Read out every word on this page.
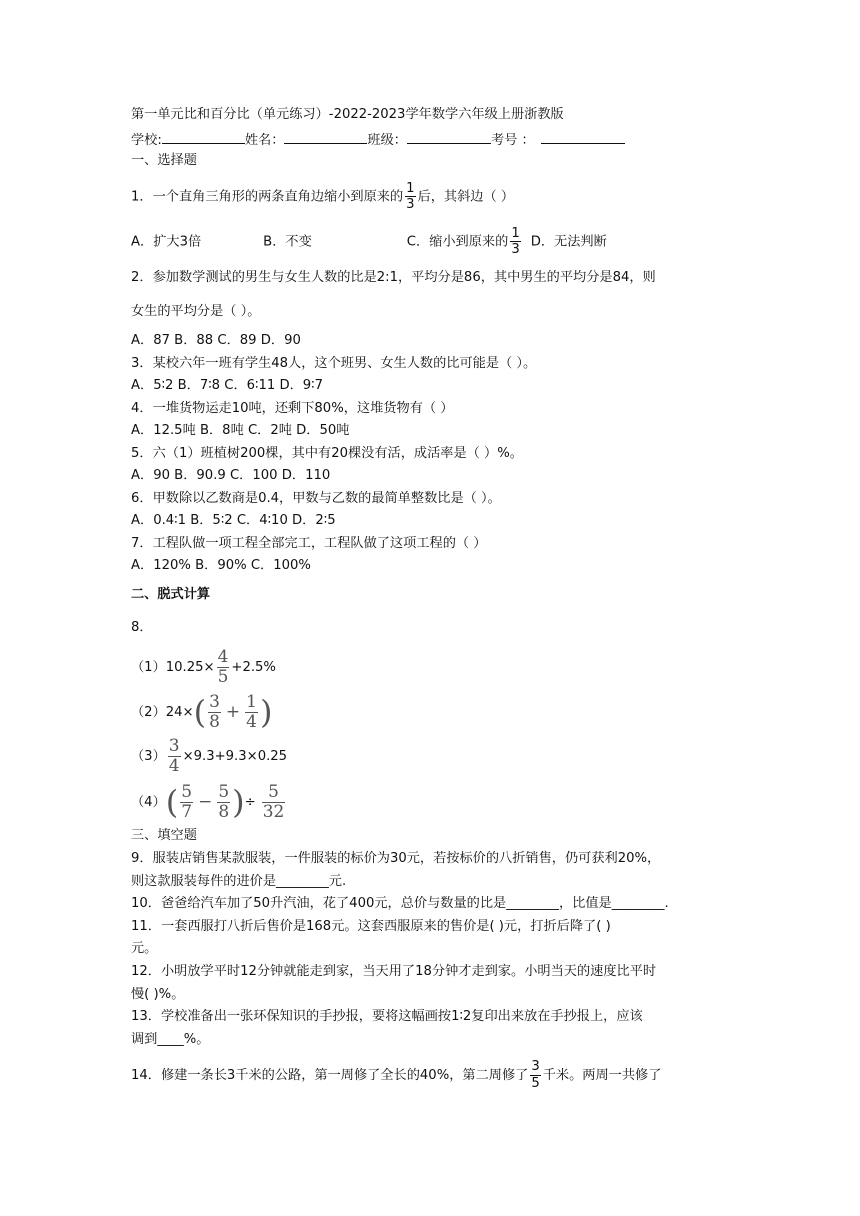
第一单元比和百分比（单元练习）-2022-2023学年数学六年级上册浙教版
学校:	姓名：	班级：	考号 ：
一、选择题
1．一个直角三角形的两条直角边缩小到原来的 $\frac{1}{3}$ 后，其斜边（ ）
A．扩大3倍	B．不变	C．缩小到原来的 $\frac{1}{3}$ D．无法判断
2．参加数学测试的男生与女生人数的比是2:1，平均分是86，其中男生的平均分是84，则
女生的平均分是（ ）。
A．87 B．88 C．89 D．90
3．某校六年一班有学生48人，这个班男、女生人数的比可能是（ ）。
A．5∶2 B．7∶8 C．6∶11 D．9∶7
4．一堆货物运走10吨，还剩下80%，这堆货物有（ ）
A．12.5吨 B．8吨 C．2吨 D．50吨
5．六（1）班植树200棵，其中有20棵没有活，成活率是（ ）%。
A．90 B．90.9 C．100 D．110
6．甲数除以乙数商是0.4，甲数与乙数的最简单整数比是（ ）。
A．0.4∶1 B．5∶2 C．4∶10 D．2∶5
7．工程队做一项工程全部完工，工程队做了这项工程的（ ）
A．120% B．90% C．100%
二、脱式计算
8．
$(1)10.25\times \frac{4}{5} +2.5\%$
$(2)24\times( \frac{3}{8} + \frac{1}{4}$ )
$(3) \frac{3}{4} \times 9.3+9.3\times 0.25$
$(4)( \frac{5}{7} - \frac{5}{8}$ )÷ $\frac{5}{32}$
三、填空题
9．服装店销售某款服装，一件服装的标价为30元，若按标价的八折销售，仍可获利20%，
则这款服装每件的进价是________元.
10．爸爸给汽车加了50升汽油，花了400元，总价与数量的比是________，比值是________.
11．一套西服打八折后售价是168元。这套西服原来的售价是( )元，打折后降了( )
元。
12．小明放学平时12分钟就能走到家，当天用了18分钟才走到家。小明当天的速度比平时
慢( )%。
13．学校准备出一张环保知识的手抄报，要将这幅画按1∶2复印出来放在手抄报上，应该
调到____%。
14．修建一条长3千米的公路，第一周修了全长的40%，第二周修了 $\frac{3}{5}$ 千米。两周一共修了
